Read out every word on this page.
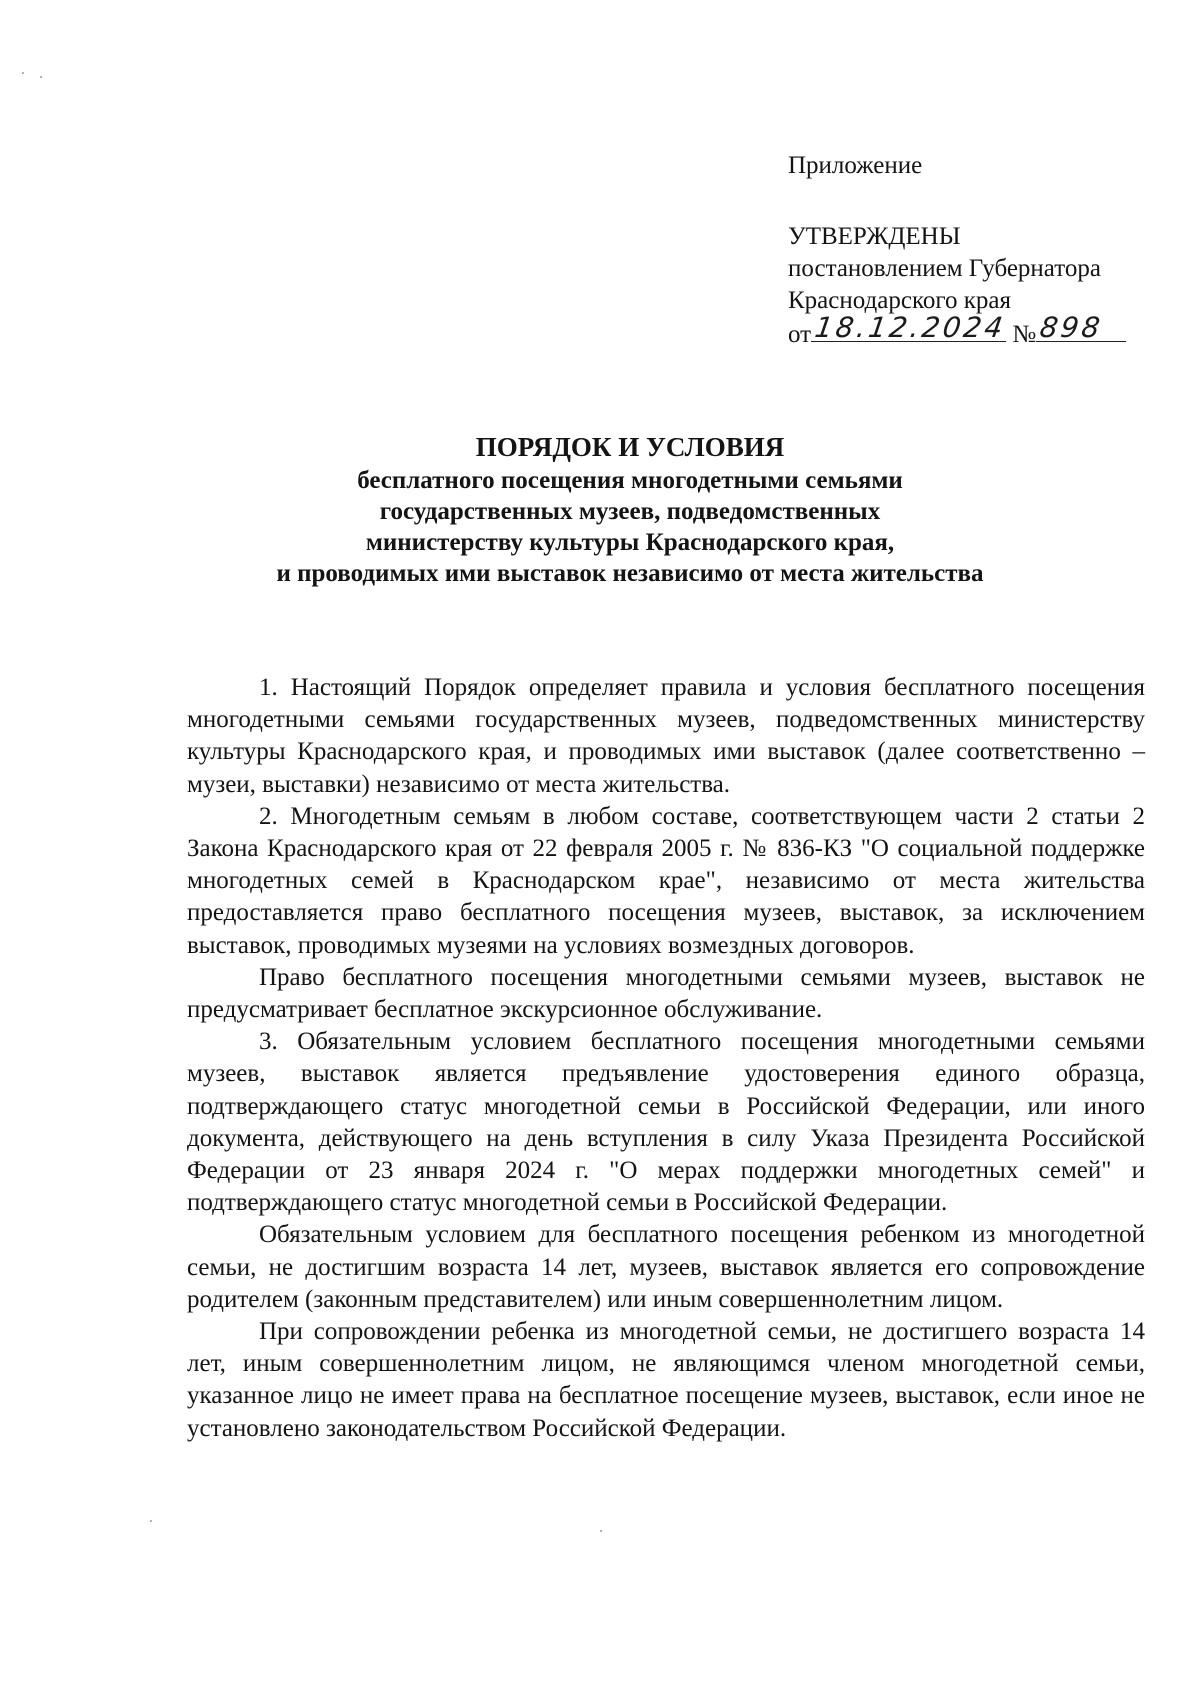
Приложение
УТВЕРЖДЕНЫ
постановлением Губернатора
Краснодарского края
от 18.12.2024 № 898
ПОРЯДОК И УСЛОВИЯ
бесплатного посещения многодетными семьями
государственных музеев, подведомственных
министерству культуры Краснодарского края,
и проводимых ими выставок независимо от места жительства

1. Настоящий Порядок определяет правила и условия бесплатного посещения многодетными семьями государственных музеев, подведомственных министерству культуры Краснодарского края, и проводимых ими выставок (далее соответственно – музеи, выставки) независимо от места жительства.

2. Многодетным семьям в любом составе, соответствующем части 2 статьи 2 Закона Краснодарского края от 22 февраля 2005 г. № 836-КЗ "О социальной поддержке многодетных семей в Краснодарском крае", независимо от места жительства предоставляется право бесплатного посещения музеев, выставок, за исключением выставок, проводимых музеями на условиях возмездных договоров.

Право бесплатного посещения многодетными семьями музеев, выставок не предусматривает бесплатное экскурсионное обслуживание.

3. Обязательным условием бесплатного посещения многодетными семьями музеев, выставок является предъявление удостоверения единого образца, подтверждающего статус многодетной семьи в Российской Федерации, или иного документа, действующего на день вступления в силу Указа Президента Российской Федерации от 23 января 2024 г. "О мерах поддержки многодетных семей" и подтверждающего статус многодетной семьи в Российской Федерации.

Обязательным условием для бесплатного посещения ребенком из многодетной семьи, не достигшим возраста 14 лет, музеев, выставок является его сопровождение родителем (законным представителем) или иным совершеннолетним лицом.

При сопровождении ребенка из многодетной семьи, не достигшего возраста 14 лет, иным совершеннолетним лицом, не являющимся членом многодетной семьи, указанное лицо не имеет права на бесплатное посещение музеев, выставок, если иное не установлено законодательством Российской Федерации.
